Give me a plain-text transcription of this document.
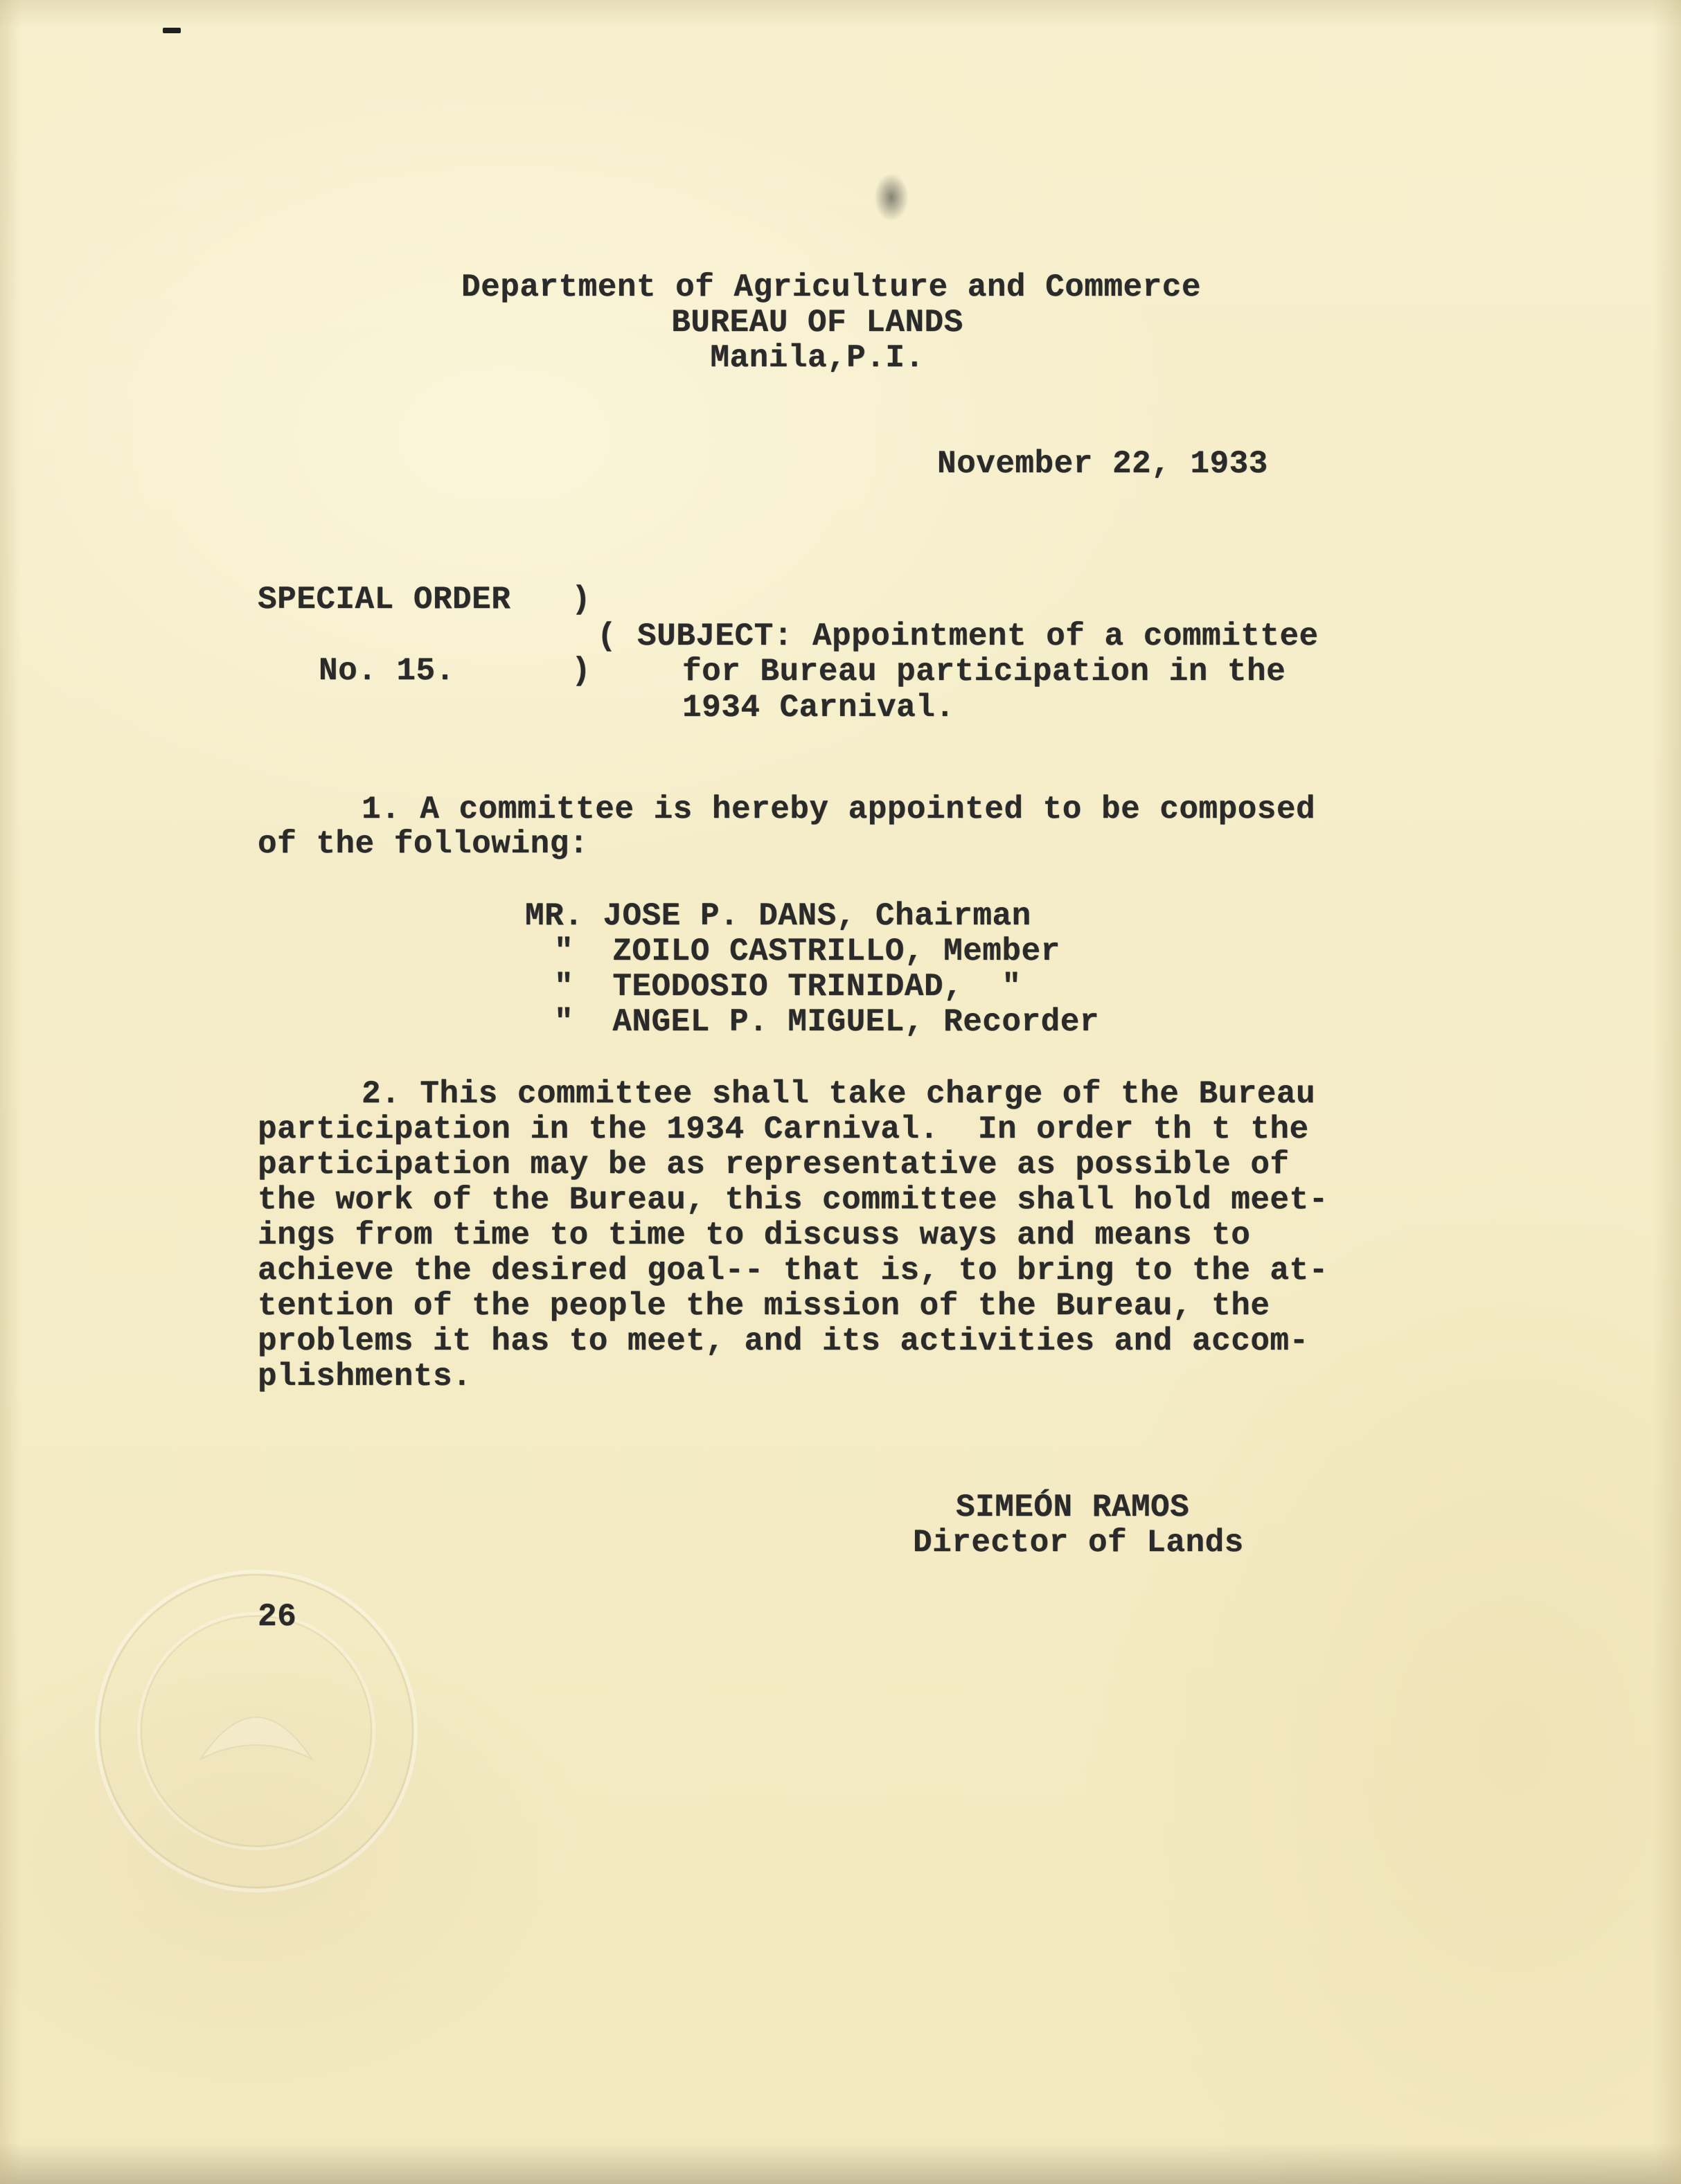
Department of Agriculture and Commerce

BUREAU OF LANDS

Manila,P.I.

November 22, 1933
SPECIAL ORDER )
( SUBJECT: Appointment of a committee
No. 15.	)	for Bureau participation in the
1934 Carnival.
1. A committee is hereby appointed to be composed
of the following:
MR. JOSE P. DANS, Chairman
"  ZOILO CASTRILLO, Member
"  TEODOSIO TRINIDAD,  "
"  ANGEL P. MIGUEL, Recorder
2. This committee shall take charge of the Bureau
participation in the 1934 Carnival.  In order th t the
participation may be as representative as possible of
the work of the Bureau, this committee shall hold meet-
ings from time to time to discuss ways and means to
achieve the desired goal-- that is, to bring to the at-
tention of the people the mission of the Bureau, the
problems it has to meet, and its activities and accom-
plishments.
SIMEÓN RAMOS
Director of Lands
26
